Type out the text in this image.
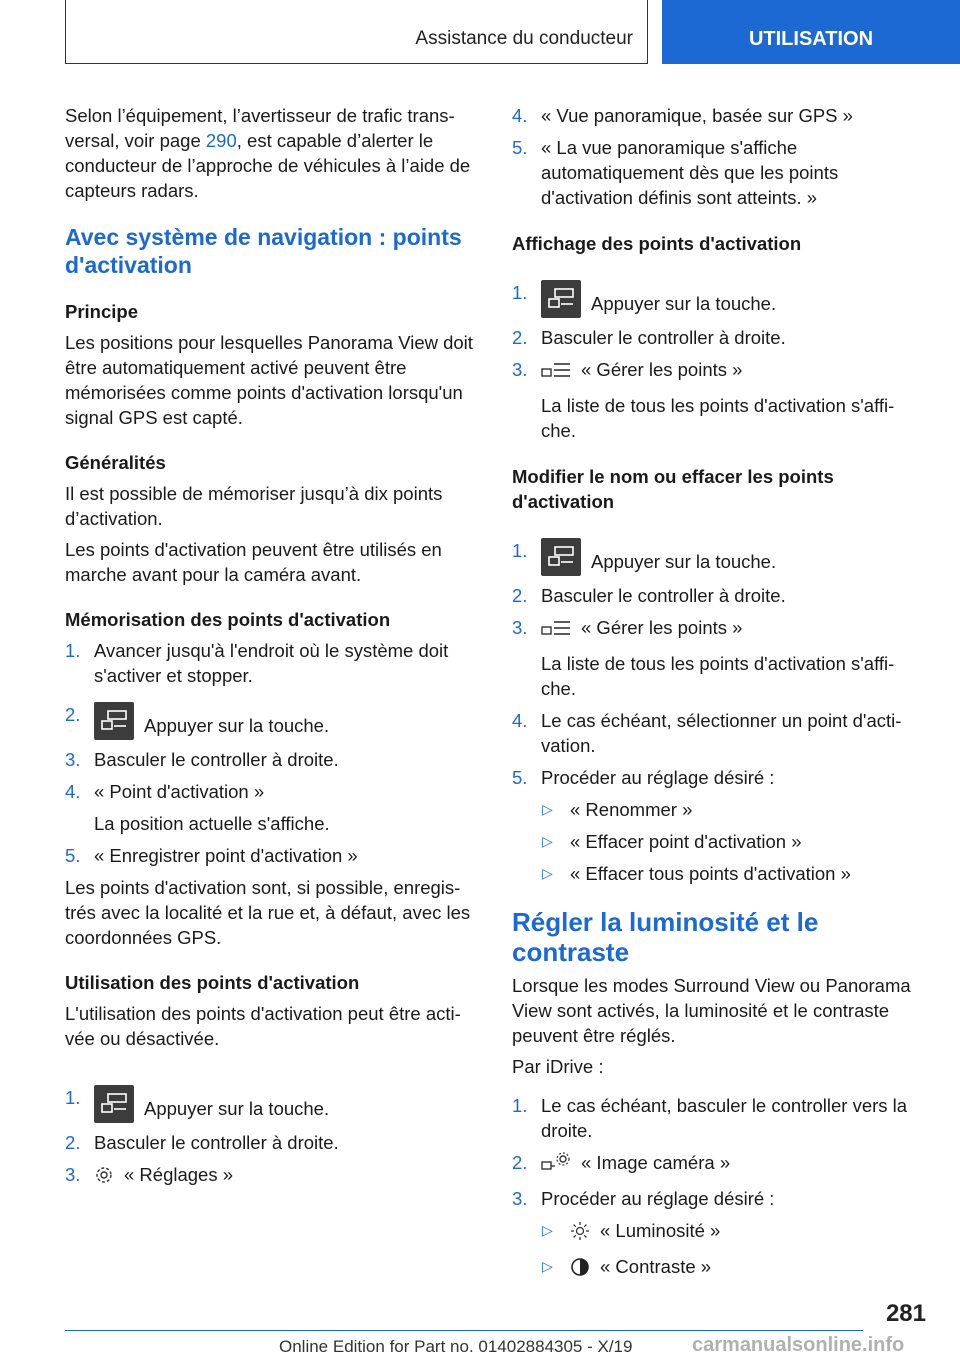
Assistance du conducteur	UTILISATION

Selon l’équipement, l’avertisseur de trafic trans-versal, voir page 290, est capable d’alerter le conducteur de l’approche de véhicules à l’aide de capteurs radars.

Avec système de navigation : points d'activation
Principe

Les positions pour lesquelles Panorama View doit être automatiquement activé peuvent être mémorisées comme points d'activation lorsqu'un signal GPS est capté.

Généralités

Il est possible de mémoriser jusqu’à dix points d’activation.

Les points d'activation peuvent être utilisés en marche avant pour la caméra avant.

Mémorisation des points d'activation
1. Avancer jusqu'à l'endroit où le système doit s'activer et stopper.
2.
Appuyer sur la touche.
3. Basculer le controller à droite.
4. « Point d'activation »
La position actuelle s'affiche.
5. « Enregistrer point d'activation »

Les points d'activation sont, si possible, enregis-trés avec la localité et la rue et, à défaut, avec les coordonnées GPS.

Utilisation des points d'activation

L'utilisation des points d'activation peut être acti-vée ou désactivée.

1.
Appuyer sur la touche.
2. Basculer le controller à droite.
3. « Réglages »
4. « Vue panoramique, basée sur GPS »
5. « La vue panoramique s'affiche automatiquement dès que les points d'activation définis sont atteints. »
Affichage des points d'activation
1.
Appuyer sur la touche.
2. Basculer le controller à droite.
3.	« Gérer les points »
La liste de tous les points d'activation s'affi-che.
Modifier le nom ou effacer les points d'activation
1.
Appuyer sur la touche.
2. Basculer le controller à droite.
3.	« Gérer les points »
La liste de tous les points d'activation s'affi-che.
4. Le cas échéant, sélectionner un point d'acti-vation.
5. Procéder au réglage désiré :
▷ « Renommer »
▷ « Effacer point d'activation »
▷ « Effacer tous points d'activation »
Régler la luminosité et le contraste

Lorsque les modes Surround View ou Panorama View sont activés, la luminosité et le contraste peuvent être réglés.

Par iDrive :

1. Le cas échéant, basculer le controller vers la droite.
2.	« Image caméra »
3. Procéder au réglage désiré :
▷	« Luminosité »
▷	« Contraste »
281
Online Edition for Part no. 01402884305 - X/19	carmanualsonline.info
